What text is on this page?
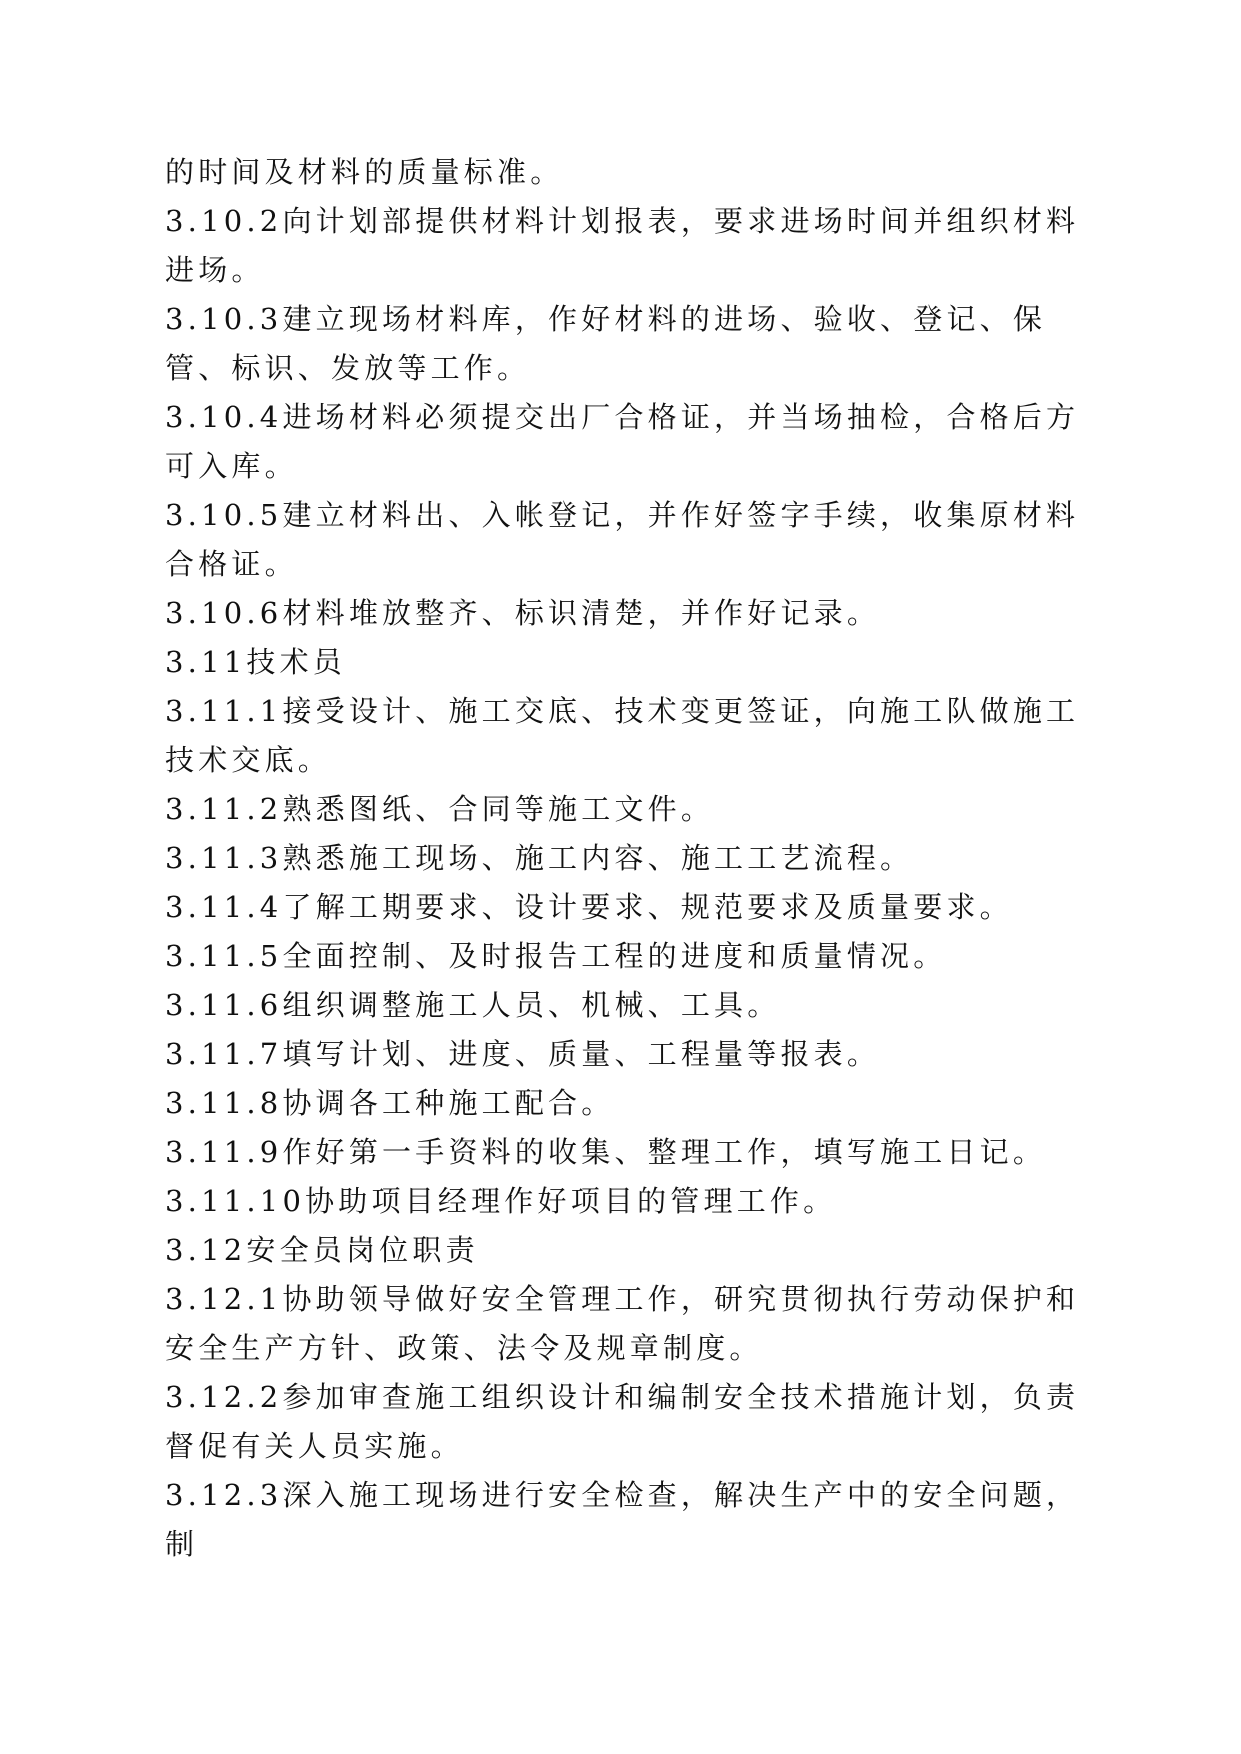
的时间及材料的质量标准。

3.10.2向计划部提供材料计划报表，要求进场时间并组织材料进场。

3.10.3建立现场材料库，作好材料的进场、验收、登记、保管、标识、发放等工作。

3.10.4进场材料必须提交出厂合格证，并当场抽检，合格后方可入库。

3.10.5建立材料出、入帐登记，并作好签字手续，收集原材料合格证。

3.10.6材料堆放整齐、标识清楚，并作好记录。

3.11技术员

3.11.1接受设计、施工交底、技术变更签证，向施工队做施工技术交底。

3.11.2熟悉图纸、合同等施工文件。

3.11.3熟悉施工现场、施工内容、施工工艺流程。

3.11.4了解工期要求、设计要求、规范要求及质量要求。

3.11.5全面控制、及时报告工程的进度和质量情况。

3.11.6组织调整施工人员、机械、工具。

3.11.7填写计划、进度、质量、工程量等报表。

3.11.8协调各工种施工配合。

3.11.9作好第一手资料的收集、整理工作，填写施工日记。

3.11.10协助项目经理作好项目的管理工作。

3.12安全员岗位职责

3.12.1协助领导做好安全管理工作，研究贯彻执行劳动保护和安全生产方针、政策、法令及规章制度。

3.12.2参加审查施工组织设计和编制安全技术措施计划，负责督促有关人员实施。

3.12.3深入施工现场进行安全检查，解决生产中的安全问题，制
